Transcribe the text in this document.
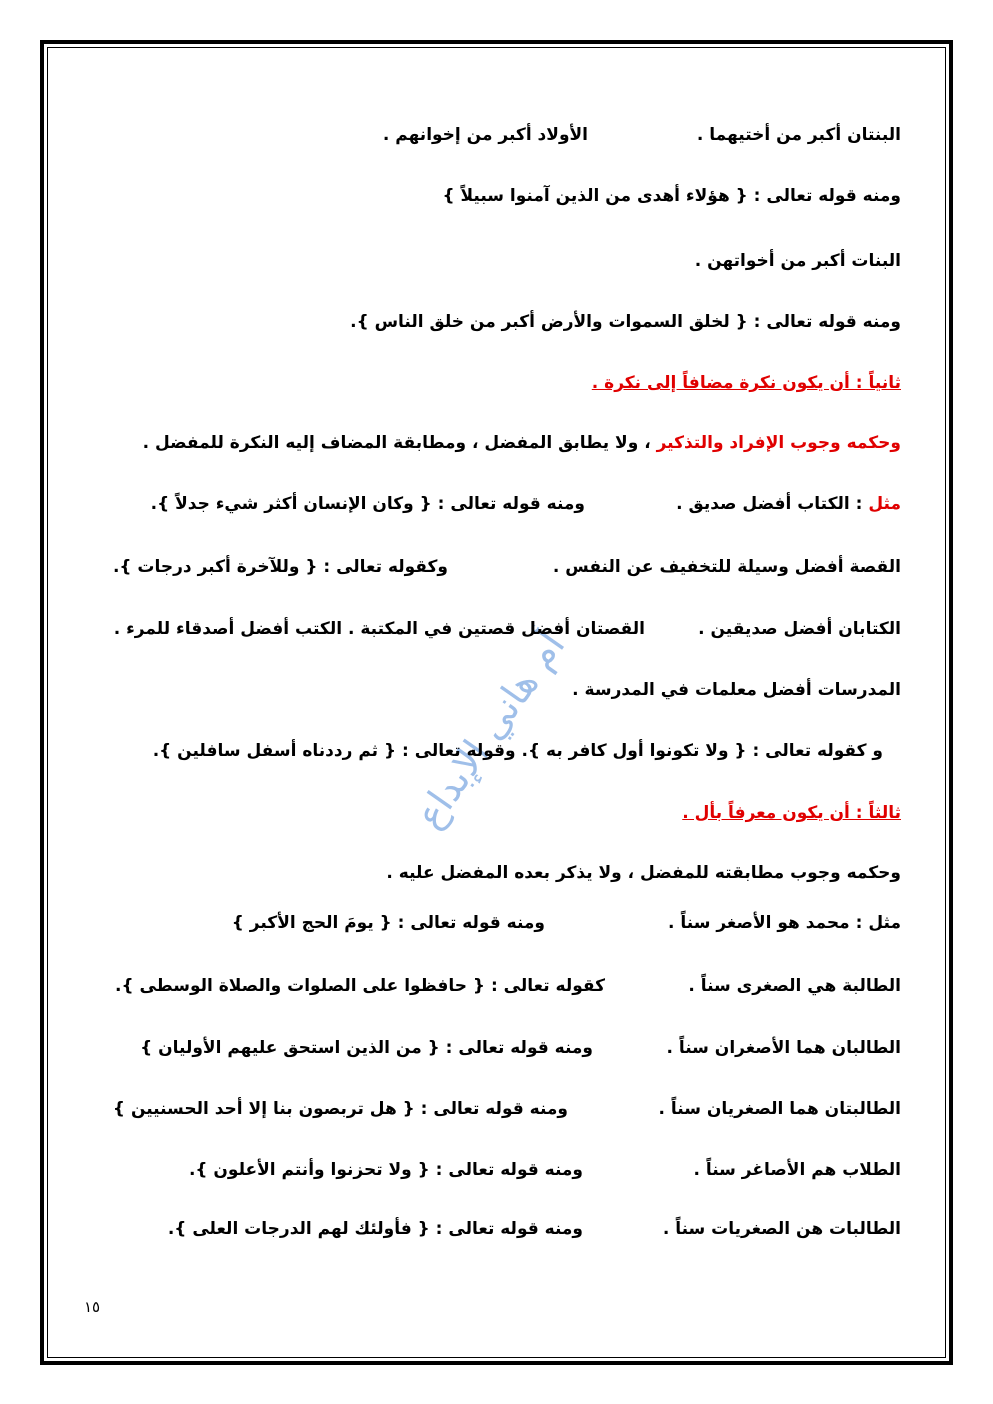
أم هاني الإبداع
البنتان أكبر من أختيهما .
الأولاد أكبر من إخوانهم .
ومنه قوله تعالى : { هؤلاء أهدى من الذين آمنوا سبيلاً }
البنات أكبر من أخواتهن .
ومنه قوله تعالى : { لخلق السموات والأرض أكبر من خلق الناس }.
ثانياً : أن يكون نكرة مضافاً إلى نكرة .
وحكمه وجوب الإفراد والتذكير ، ولا يطابق المفضل ، ومطابقة المضاف إليه النكرة للمفضل .
مثل : الكتاب أفضل صديق .
ومنه قوله تعالى : { وكان الإنسان أكثر شيء جدلاً }.
القصة أفضل وسيلة للتخفيف عن النفس .
وكقوله تعالى : { وللآخرة أكبر درجات }.
الكتابان أفضل صديقين .
القصتان أفضل قصتين في المكتبة . الكتب أفضل أصدقاء للمرء .
المدرسات أفضل معلمات في المدرسة .
و كقوله تعالى : { ولا تكونوا أول كافر به }. وقوله تعالى : { ثم رددناه أسفل سافلين }.
ثالثاً : أن يكون معرفاً بأل .
وحكمه وجوب مطابقته للمفضل ، ولا يذكر بعده المفضل عليه .
مثل : محمد هو الأصغر سناً .
ومنه قوله تعالى : { يومَ الحج الأكبر }
الطالبة هي الصغرى سناً .
كقوله تعالى : { حافظوا على الصلوات والصلاة الوسطى }.
الطالبان هما الأصغران سناً .
ومنه قوله تعالى : { من الذين استحق عليهم الأوليان }
الطالبتان هما الصغريان سناً .
ومنه قوله تعالى : { هل تربصون بنا إلا أحد الحسنيين }
الطلاب هم الأصاغر سناً .
ومنه قوله تعالى : { ولا تحزنوا وأنتم الأعلون }.
الطالبات هن الصغريات سناً .
ومنه قوله تعالى : { فأولئك لهم الدرجات العلى }.
١٥
